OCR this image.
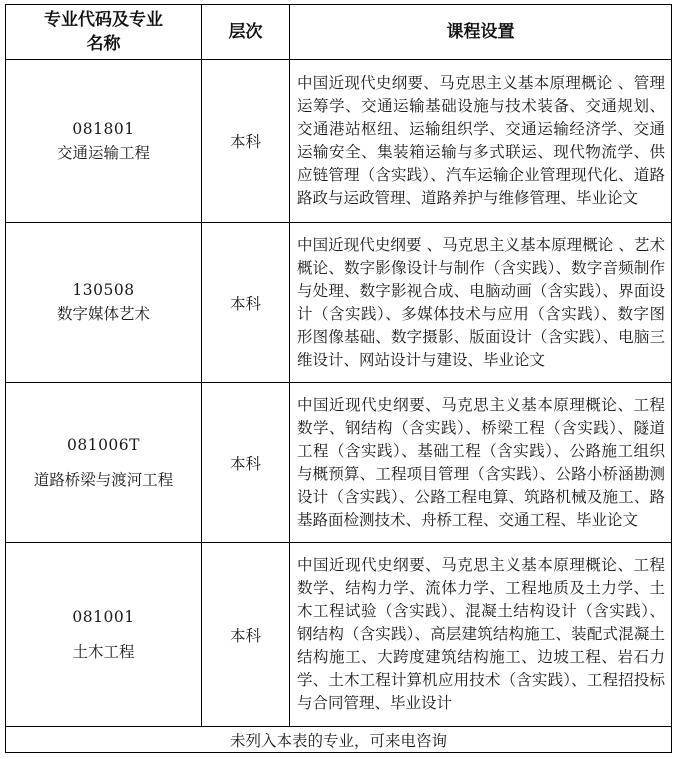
专业代码及专业
名称	层次	课程设置

081801
交通运输工程	本科	中国近现代史纲要、马克思主义基本原理概论 、管理运筹学、交通运输基础设施与技术装备、交通规划、交通港站枢纽、运输组织学、交通运输经济学、交通运输安全、集装箱运输与多式联运、现代物流学、供应链管理（含实践）、汽车运输企业管理现代化、道路路政与运政管理、道路养护与维修管理、毕业论文

130508
数字媒体艺术	本科	中国近现代史纲要 、马克思主义基本原理概论 、艺术概论、数字影像设计与制作（含实践）、数字音频制作与处理、数字影视合成、电脑动画（含实践）、界面设计（含实践）、多媒体技术与应用（含实践）、数字图形图像基础、数字摄影、版面设计（含实践）、电脑三维设计、网站设计与建设、毕业论文

081006T
道路桥梁与渡河工程	本科	中国近现代史纲要、马克思主义基本原理概论、工程数学、钢结构（含实践）、桥梁工程（含实践）、隧道工程（含实践）、基础工程（含实践）、公路施工组织与概预算、工程项目管理（含实践）、公路小桥涵勘测设计（含实践）、公路工程电算、筑路机械及施工、路基路面检测技术、舟桥工程、交通工程、毕业论文

081001
土木工程	本科	中国近现代史纲要、马克思主义基本原理概论、工程数学、结构力学、流体力学、工程地质及土力学、土木工程试验（含实践）、混凝土结构设计（含实践）、钢结构（含实践）、高层建筑结构施工、装配式混凝土结构施工、大跨度建筑结构施工、边坡工程、岩石力学、土木工程计算机应用技术（含实践）、工程招投标与合同管理、毕业设计
未列入本表的专业，可来电咨询		
